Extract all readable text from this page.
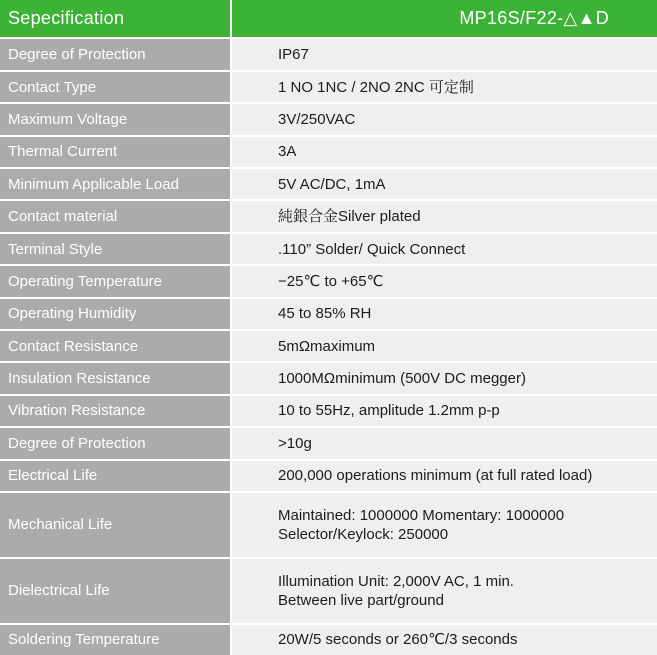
Sepecification	MP16S/F22-△▲D
Degree of Protection	IP67

Contact Type	1 NO 1NC / 2NO 2NC 可定制

Maximum Voltage	3V/250VAC

Thermal Current	3A

Minimum Applicable Load	5V AC/DC, 1mA

Contact material	純銀合金Silver plated

Terminal Style	.110” Solder/ Quick Connect

Operating Temperature	−25℃ to +65℃

Operating Humidity	45 to 85% RH

Contact Resistance	5mΩmaximum

Insulation Resistance	1000MΩminimum (500V DC megger)

Vibration Resistance	10 to 55Hz, amplitude 1.2mm p-p

Degree of Protection	>10g

Electrical Life	200,000 operations minimum (at full rated load)

Mechanical Life	Maintained: 1000000 Momentary: 1000000
Selector/Keylock: 250000

Dielectrical Life	Illumination Unit: 2,000V AC, 1 min.
Between live part/ground

Soldering Temperature	20W/5 seconds or 260℃/3 seconds
